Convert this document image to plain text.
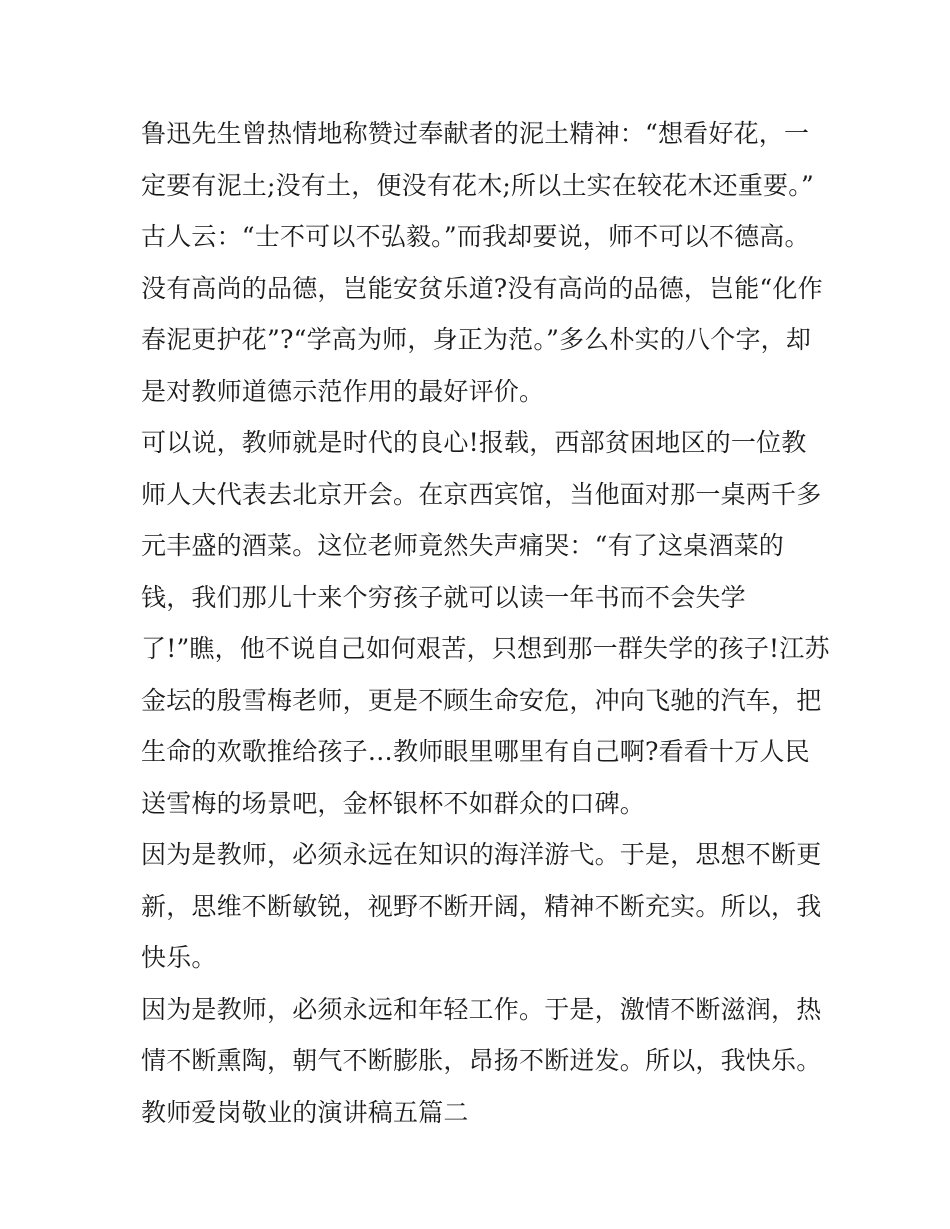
鲁迅先生曾热情地称赞过奉献者的泥土精神：“想看好花，一
定要有泥土;没有土，便没有花木;所以土实在较花木还重要。”
古人云：“士不可以不弘毅。”而我却要说，师不可以不德高。
没有高尚的品德，岂能安贫乐道?没有高尚的品德，岂能“化作
春泥更护花”?“学高为师，身正为范。”多么朴实的八个字，却
是对教师道德示范作用的最好评价。
可以说，教师就是时代的良心!报载，西部贫困地区的一位教
师人大代表去北京开会。在京西宾馆，当他面对那一桌两千多
元丰盛的酒菜。这位老师竟然失声痛哭：“有了这桌酒菜的
钱，我们那儿十来个穷孩子就可以读一年书而不会失学
了!”瞧，他不说自己如何艰苦，只想到那一群失学的孩子!江苏
金坛的殷雪梅老师，更是不顾生命安危，冲向飞驰的汽车，把
生命的欢歌推给孩子…教师眼里哪里有自己啊?看看十万人民
送雪梅的场景吧，金杯银杯不如群众的口碑。
因为是教师，必须永远在知识的海洋游弋。于是，思想不断更
新，思维不断敏锐，视野不断开阔，精神不断充实。所以，我
快乐。
因为是教师，必须永远和年轻工作。于是，激情不断滋润，热
情不断熏陶，朝气不断膨胀，昂扬不断迸发。所以，我快乐。
教师爱岗敬业的演讲稿五篇二
